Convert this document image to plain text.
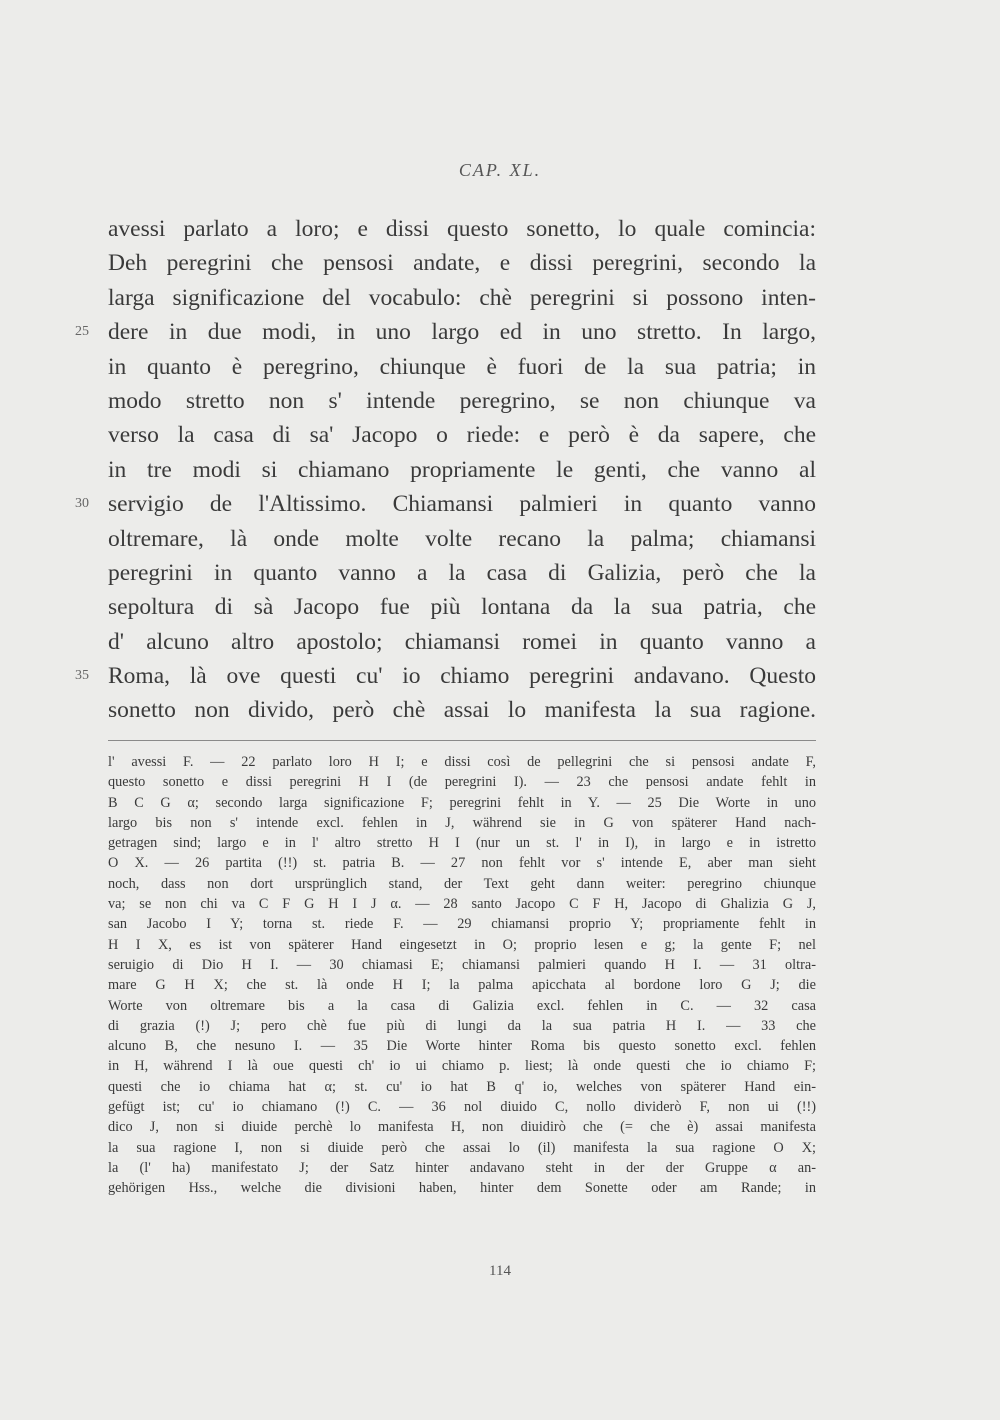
CAP. XL.
avessi parlato a loro; e dissi questo sonetto, lo quale comincia:
Deh peregrini che pensosi andate, e dissi peregrini, secondo la
larga significazione del vocabulo: chè peregrini si possono inten-
25 dere in due modi, in uno largo ed in uno stretto. In largo,
in quanto è peregrino, chiunque è fuori de la sua patria; in
modo stretto non s' intende peregrino, se non chiunque va
verso la casa di sa' Jacopo o riede: e però è da sapere, che
in tre modi si chiamano propriamente le genti, che vanno al
30 servigio de l'Altissimo. Chiamansi palmieri in quanto vanno
oltremare, là onde molte volte recano la palma; chiamansi
peregrini in quanto vanno a la casa di Galizia, però che la
sepoltura di sà Jacopo fue più lontana da la sua patria, che
d' alcuno altro apostolo; chiamansi romei in quanto vanno a
35 Roma, là ove questi cu' io chiamo peregrini andavano. Questo
sonetto non divido, però chè assai lo manifesta la sua ragione.
l' avessi F. — 22 parlato loro H I; e dissi così de pellegrini che si pensosi andate F,
questo sonetto e dissi peregrini H I (de peregrini I). — 23 che pensosi andate fehlt in
B C G α; secondo larga significazione F; peregrini fehlt in Y. — 25 Die Worte in uno
largo bis non s' intende excl. fehlen in J, während sie in G von späterer Hand nach-
getragen sind; largo e in l' altro stretto H I (nur un st. l' in I), in largo e in istretto
O X. — 26 partita (!!) st. patria B. — 27 non fehlt vor s' intende E, aber man sieht
noch, dass non dort ursprünglich stand, der Text geht dann weiter: peregrino chiunque
va; se non chi va C F G H I J α. — 28 santo Jacopo C F H, Jacopo di Ghalizia G J,
san Jacobo I Y; torna st. riede F. — 29 chiamansi proprio Y; propriamente fehlt in
H I X, es ist von späterer Hand eingesetzt in O; proprio lesen e g; la gente F; nel
seruigio di Dio H I. — 30 chiamasi E; chiamansi palmieri quando H I. — 31 oltra-
mare G H X; che st. là onde H I; la palma apicchata al bordone loro G J; die
Worte von oltremare bis a la casa di Galizia excl. fehlen in C. — 32 casa
di grazia (!) J; pero chè fue più di lungi da la sua patria H I. — 33 che
alcuno B, che nesuno I. — 35 Die Worte hinter Roma bis questo sonetto excl. fehlen
in H, während I là oue questi ch' io ui chiamo p. liest; là onde questi che io chiamo F;
questi che io chiama hat α; st. cu' io hat B q' io, welches von späterer Hand ein-
gefügt ist; cu' io chiamano (!) C. — 36 nol diuido C, nollo dividerò F, non ui (!!)
dico J, non si diuide perchè lo manifesta H, non diuidirò che (= che è) assai manifesta
la sua ragione I, non si diuide però che assai lo (il) manifesta la sua ragione O X;
la (l' ha) manifestato J; der Satz hinter andavano steht in der der Gruppe α an-
gehörigen Hss., welche die divisioni haben, hinter dem Sonette oder am Rande; in
114
